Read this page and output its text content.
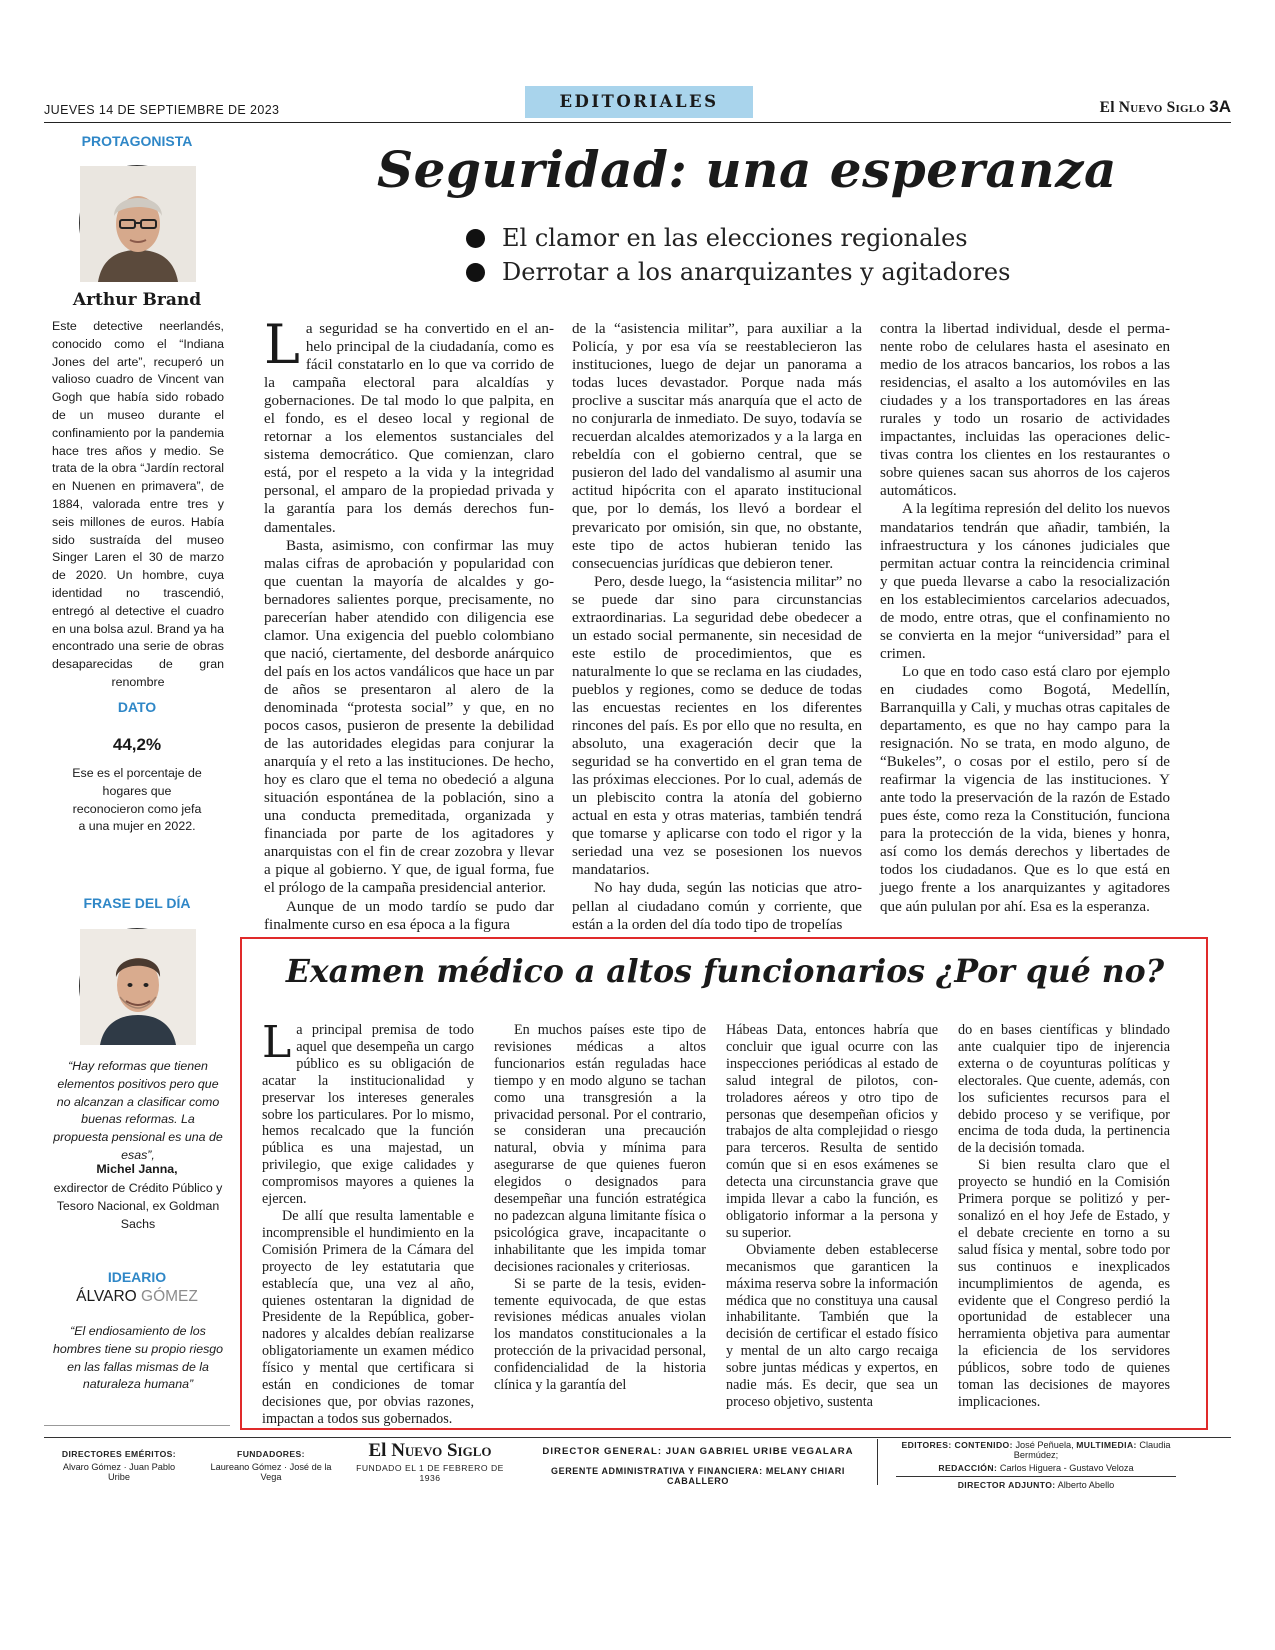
JUEVES 14 DE SEPTIEMBRE DE 2023	EDITORIALES	El Nuevo Siglo 3A
PROTAGONISTA
Arthur Brand
Este detective neerlandés, conocido como el “Indiana Jones del arte”, recuperó un valioso cuadro de Vincent van Gogh que había sido robado de un museo durante el confinamiento por la pandemia hace tres años y medio. Se trata de la obra “Jardín rectoral en Nuenen en primavera”, de 1884, valorada entre tres y seis millones de euros. Había sido sustraída del museo Singer Laren el 30 de marzo de 2020. Un hombre, cuya identidad no trascendió, entregó al detective el cuadro en una bolsa azul. Brand ya ha encontrado una serie de obras desaparecidas de gran renombre
DATO
44,2%
Ese es el porcentaje de hogares que reconocieron como jefa a una mujer en 2022.
FRASE DEL DÍA
“Hay reformas que tienen elementos positivos pero que no alcanzan a clasificar como buenas reformas. La propuesta pensional es una de esas”,
Michel Janna,
exdirector de Crédito Público y Tesoro Nacional, ex Goldman Sachs
IDEARIO
ÁLVARO GÓMEZ
“El endiosamiento de los hombres tiene su propio riesgo en las fallas mismas de la naturaleza humana”
Seguridad: una esperanza
El clamor en las elecciones regionales
Derrotar a los anarquizantes y agitadores
L a seguridad se ha convertido en el anhelo principal de la ciudadanía, como es fácil constatarlo en lo que va corrido de la campaña electoral para alcaldías y gobernaciones. De tal modo lo que palpita, en el fondo, es el deseo local y regional de retornar a los elementos sustanciales del sistema democrático. Que comienzan, claro está, por el respeto a la vida y la integridad personal, el amparo de la propiedad privada y la garantía para los demás derechos fundamentales.

Basta, asimismo, con confirmar las muy malas cifras de aprobación y popularidad con que cuentan la mayoría de alcaldes y gobernadores salientes porque, precisamente, no parecerían haber atendido con diligencia ese clamor. Una exigencia del pueblo colombiano que nació, ciertamente, del desborde anárquico del país en los actos vandálicos que hace un par de años se presentaron al alero de la denominada “protesta social” y que, en no pocos casos, pusieron de presente la debilidad de las autoridades elegidas para conjurar la anarquía y el reto a las instituciones. De hecho, hoy es claro que el tema no obedeció a alguna situación espontánea de la población, sino a una conducta premeditada, organizada y financiada por parte de los agitadores y anarquistas con el fin de crear zozobra y llevar a pique al gobierno. Y que, de igual forma, fue el prólogo de la campaña presidencial anterior.

Aunque de un modo tardío se pudo dar finalmente curso en esa época a la figura

de la “asistencia militar”, para auxiliar a la Policía, y por esa vía se reestablecieron las instituciones, luego de dejar un panorama a todas luces devastador. Porque nada más proclive a suscitar más anarquía que el acto de no conjurarla de inmediato. De suyo, todavía se recuerdan alcaldes atemorizados y a la larga en rebeldía con el gobierno central, que se pusieron del lado del vandalismo al asumir una actitud hipócrita con el aparato institucional que, por lo demás, los llevó a bordear el prevaricato por omisión, sin que, no obstante, este tipo de actos hubieran tenido las consecuencias jurídicas que debieron tener.

Pero, desde luego, la “asistencia militar” no se puede dar sino para circunstancias extraordinarias. La seguridad debe obedecer a un estado social permanente, sin necesidad de este estilo de procedimientos, que es naturalmente lo que se reclama en las ciudades, pueblos y regiones, como se deduce de todas las encuestas recientes en los diferentes rincones del país. Es por ello que no resulta, en absoluto, una exageración decir que la seguridad se ha convertido en el gran tema de las próximas elecciones. Por lo cual, además de un plebiscito contra la atonía del gobierno actual en esta y otras materias, también tendrá que tomarse y aplicarse con todo el rigor y la seriedad una vez se posesionen los nuevos mandatarios.

No hay duda, según las noticias que atropellan al ciudadano común y corriente, que están a la orden del día todo tipo de tropelías

contra la libertad individual, desde el permanente robo de celulares hasta el asesinato en medio de los atracos bancarios, los robos a las residencias, el asalto a los automóviles en las ciudades y a los transportadores en las áreas rurales y todo un rosario de actividades impactantes, incluidas las operaciones delictivas contra los clientes en los restaurantes o sobre quienes sacan sus ahorros de los cajeros automáticos.

A la legítima represión del delito los nuevos mandatarios tendrán que añadir, también, la infraestructura y los cánones judiciales que permitan actuar contra la reincidencia criminal y que pueda llevarse a cabo la resocialización en los establecimientos carcelarios adecuados, de modo, entre otras, que el confinamiento no se convierta en la mejor “universidad” para el crimen.

Lo que en todo caso está claro por ejemplo en ciudades como Bogotá, Medellín, Barranquilla y Cali, y muchas otras capitales de departamento, es que no hay campo para la resignación. No se trata, en modo alguno, de “Bukeles”, o cosas por el estilo, pero sí de reafirmar la vigencia de las instituciones. Y ante todo la preservación de la razón de Estado pues éste, como reza la Constitución, funciona para la protección de la vida, bienes y honra, así como los demás derechos y libertades de todos los ciudadanos. Que es lo que está en juego frente a los anarquizantes y agitadores que aún pululan por ahí. Esa es la esperanza.

Examen médico a altos funcionarios ¿Por qué no?
L a principal premisa de todo aquel que desempeña un cargo público es su obligación de acatar la institucionalidad y preservar los intereses generales sobre los particulares. Por lo mismo, hemos recalcado que la función pública es una majestad, un privilegio, que exige calidades y compromisos mayores a quienes la ejercen.

De allí que resulta lamentable e incomprensible el hundimiento en la Comisión Primera de la Cámara del proyecto de ley estatutaria que establecía que, una vez al año, quienes ostentaran la dignidad de Presidente de la República, gobernadores y alcaldes debían realizarse obligatoriamente un examen médico físico y mental que certificara si están en condiciones de tomar decisiones que, por obvias razones, impactan a todos sus gobernados.

En muchos países este tipo de revisiones médicas a altos funcionarios están reguladas hace tiempo y en modo alguno se tachan como una transgresión a la privacidad personal. Por el contrario, se consideran una precaución natural, obvia y mínima para asegurarse de que quienes fueron elegidos o designados para desempeñar una función estratégica no padezcan alguna limitante física o psicológica grave, incapacitante o inhabilitante que les impida tomar decisiones racionales y criteriosas.

Si se parte de la tesis, evidentemente equivocada, de que estas revisiones médicas anuales violan los mandatos constitucionales a la protección de la privacidad personal, confidencialidad de la historia clínica y la garantía del

Hábeas Data, entonces habría que concluir que igual ocurre con las inspecciones periódicas al estado de salud integral de pilotos, controladores aéreos y otro tipo de personas que desempeñan oficios y trabajos de alta complejidad o riesgo para terceros. Resulta de sentido común que si en esos exámenes se detecta una circunstancia grave que impida llevar a cabo la función, es obligatorio informar a la persona y su superior.

Obviamente deben establecerse mecanismos que garanticen la máxima reserva sobre la información médica que no constituya una causal inhabilitante. También que la decisión de certificar el estado físico y mental de un alto cargo recaiga sobre juntas médicas y expertos, en nadie más. Es decir, que sea un proceso objetivo, sustenta

do en bases científicas y blindado ante cualquier tipo de injerencia externa o de coyunturas políticas y electorales. Que cuente, además, con los suficientes recursos para el debido proceso y se verifique, por encima de toda duda, la pertinencia de la decisión tomada.

Si bien resulta claro que el proyecto se hundió en la Comisión Primera porque se politizó y personalizó en el hoy Jefe de Estado, y el debate creciente en torno a su salud física y mental, sobre todo por sus continuos e inexplicados incumplimientos de agenda, es evidente que el Congreso perdió la oportunidad de establecer una herramienta objetiva para aumentar la eficiencia de los servidores públicos, sobre todo de quienes toman las decisiones de mayores implicaciones.

DIRECTORES EMÉRITOS:
Alvaro Gómez · Juan Pablo Uribe
FUNDADORES:
Laureano Gómez · José de la Vega
El Nuevo Siglo
FUNDADO EL 1 DE FEBRERO DE 1936
DIRECTOR GENERAL: JUAN GABRIEL URIBE VEGALARA
GERENTE ADMINISTRATIVA Y FINANCIERA: MELANY CHIARI CABALLERO
EDITORES: CONTENIDO: José Peñuela, MULTIMEDIA: Claudia Bermúdez;
REDACCIÓN: Carlos Higuera - Gustavo Veloza
DIRECTOR ADJUNTO: Alberto Abello
